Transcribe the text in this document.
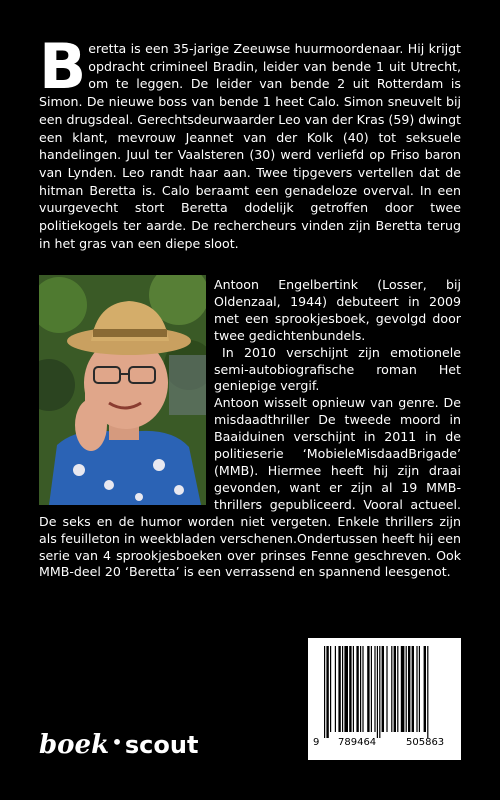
Beretta is een 35-jarige Zeeuwse huurmoordenaar. Hij krijgt opdracht crimineel Bradin, leider van bende 1 uit Utrecht, om te leggen. De leider van bende 2 uit Rotterdam is Simon. De nieuwe boss van bende 1 heet Calo. Simon sneuvelt bij een drugsdeal. Gerechtsdeurwaarder Leo van der Kras (59) dwingt een klant, mevrouw Jeannet van der Kolk (40) tot seksuele handelingen. Juul ter Vaalsteren (30) werd verliefd op Friso baron van Lynden. Leo randt haar aan. Twee tipgevers vertellen dat de hitman Beretta is. Calo beraamt een genadeloze overval. In een vuurgevecht stort Beretta dodelijk getroffen door twee politiekogels ter aarde. De rechercheurs vinden zijn Beretta terug in het gras van een diepe sloot.

Antoon Engelbertink (Losser, bij Oldenzaal, 1944) debuteert in 2009 met een sprookjesboek, gevolgd door twee gedichtenbundels.

In 2010 verschijnt zijn emotionele semi-autobiografische roman Het geniepige vergif.

Antoon wisselt opnieuw van genre. De misdaadthriller De tweede moord in Baaiduinen verschijnt in 2011 in de politieserie ‘MobieleMisdaadBrigade’ (MMB). Hiermee heeft hij zijn draai gevonden, want er zijn al 19 MMB-thrillers gepubliceerd. Vooral actueel. De seks en de humor worden niet vergeten. Enkele thrillers zijn als feuilleton in weekbladen verschenen.Ondertussen heeft hij een serie van 4 sprookjesboeken over prinses Fenne geschreven. Ook MMB-deel 20 ‘Beretta’ is een verrassend en spannend leesgenot.

9 789464	505863
boek •scout
